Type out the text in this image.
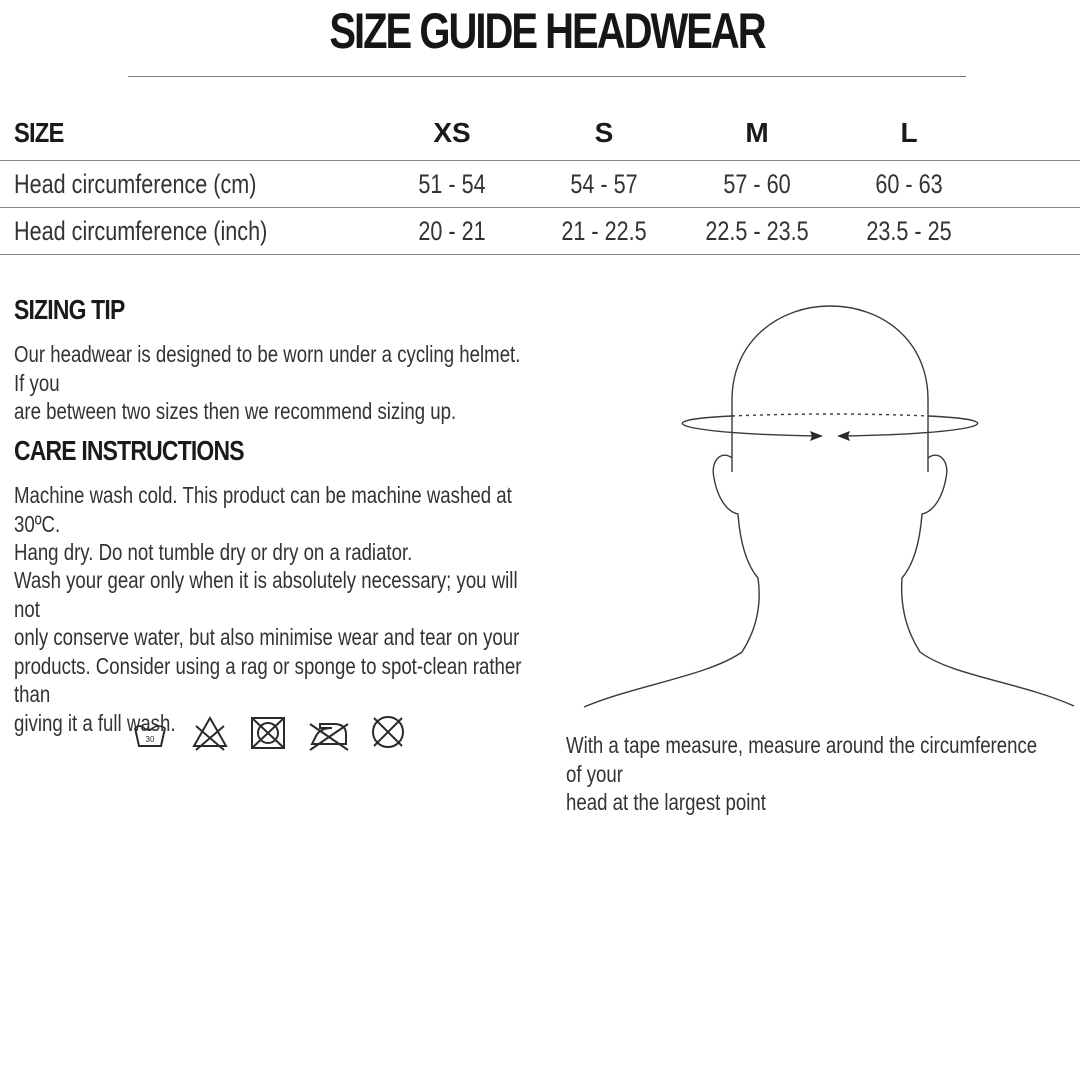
SIZE GUIDE HEADWEAR
SIZE	XS	S	M	L
Head circumference (cm)	51 - 54	54 - 57	57 - 60	60 - 63
Head circumference (inch)	20 - 21	21 - 22.5	22.5 - 23.5	23.5 - 25
SIZING TIP
Our headwear is designed to be worn under a cycling helmet. If you
are between two sizes then we recommend sizing up.
CARE INSTRUCTIONS
Machine wash cold. This product can be machine washed at 30ºC.
Hang dry. Do not tumble dry or dry on a radiator.
Wash your gear only when it is absolutely necessary; you will not
only conserve water, but also minimise wear and tear on your
products. Consider using a rag or sponge to spot-clean rather than
giving it a full wash.
30	With a tape measure, measure around the circumference of your
head at the largest point
